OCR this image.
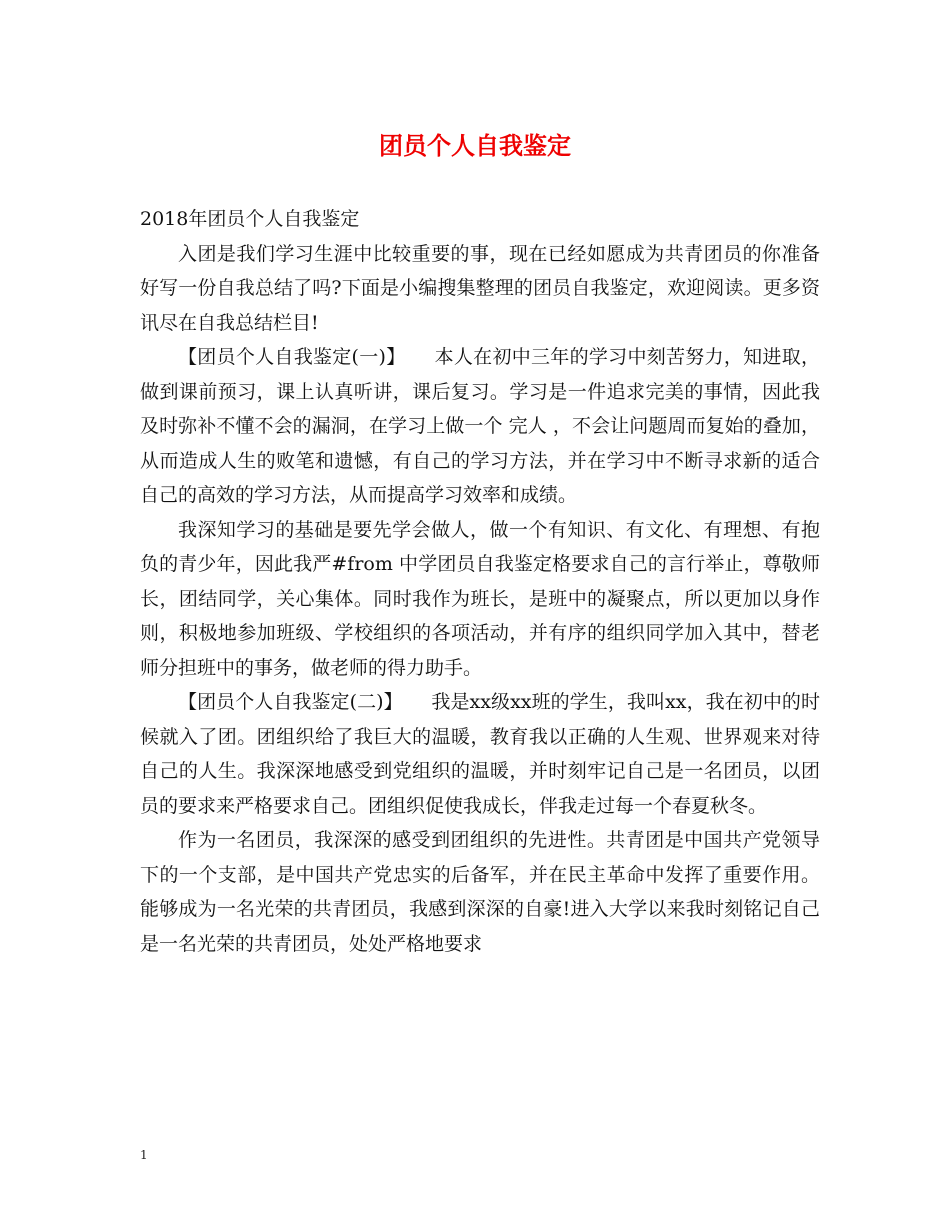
团员个人自我鉴定

2018年团员个人自我鉴定

入团是我们学习生涯中比较重要的事，现在已经如愿成为共青团员的你准备好写一份自我总结了吗?下面是小编搜集整理的团员自我鉴定，欢迎阅读。更多资讯尽在自我总结栏目!

【团员个人自我鉴定(一)】　　本人在初中三年的学习中刻苦努力，知进取，做到课前预习，课上认真听讲，课后复习。学习是一件追求完美的事情，因此我及时弥补不懂不会的漏洞，在学习上做一个 完人 ，不会让问题周而复始的叠加，从而造成人生的败笔和遗憾，有自己的学习方法，并在学习中不断寻求新的适合自己的高效的学习方法，从而提高学习效率和成绩。

我深知学习的基础是要先学会做人，做一个有知识、有文化、有理想、有抱负的青少年，因此我严#from 中学团员自我鉴定格要求自己的言行举止，尊敬师长，团结同学，关心集体。同时我作为班长，是班中的凝聚点，所以更加以身作则，积极地参加班级、学校组织的各项活动，并有序的组织同学加入其中，替老师分担班中的事务，做老师的得力助手。

【团员个人自我鉴定(二)】　　我是xx级xx班的学生，我叫xx，我在初中的时候就入了团。团组织给了我巨大的温暖，教育我以正确的人生观、世界观来对待自己的人生。我深深地感受到党组织的温暖，并时刻牢记自己是一名团员，以团员的要求来严格要求自己。团组织促使我成长，伴我走过每一个春夏秋冬。

作为一名团员，我深深的感受到团组织的先进性。共青团是中国共产党领导下的一个支部，是中国共产党忠实的后备军，并在民主革命中发挥了重要作用。能够成为一名光荣的共青团员，我感到深深的自豪!进入大学以来我时刻铭记自己是一名光荣的共青团员，处处严格地要求

1
